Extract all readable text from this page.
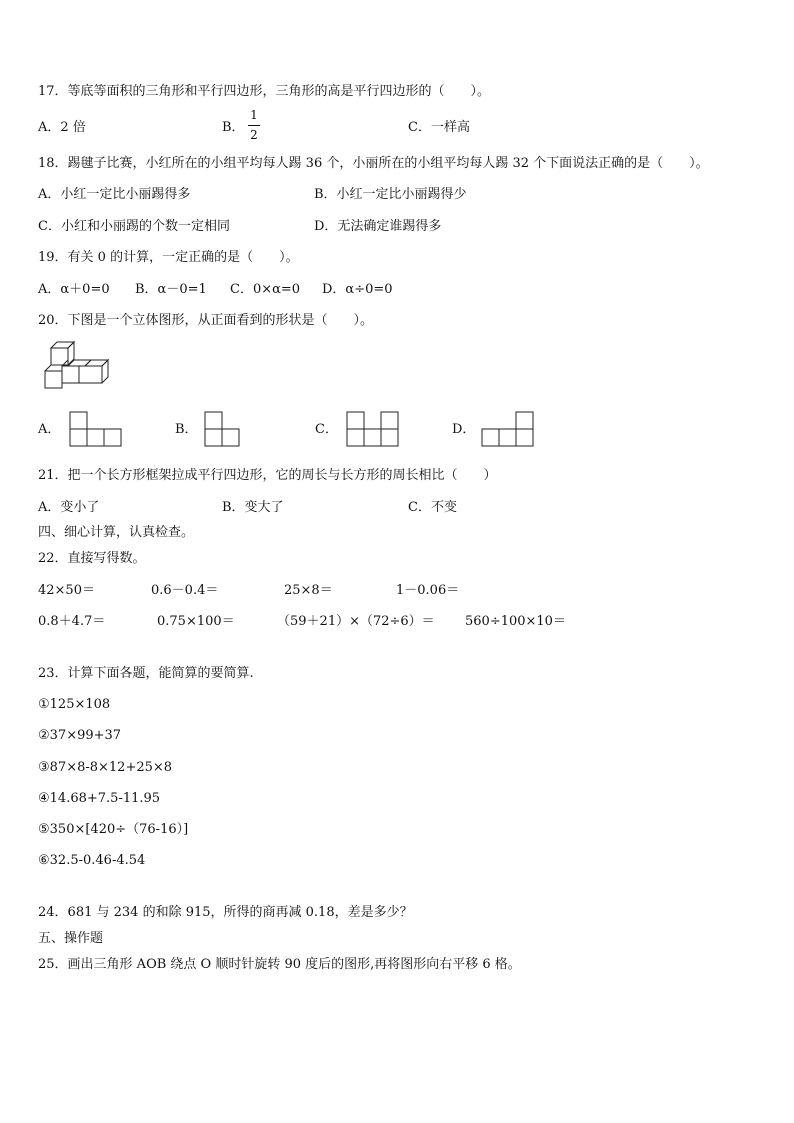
17．等底等面积的三角形和平行四边形，三角形的高是平行四边形的（　　）。
A．2 倍	B．
1
2	C．一样高
18．踢毽子比赛，小红所在的小组平均每人踢 36 个，小丽所在的小组平均每人踢 32 个下面说法正确的是（　　）。
A．小红一定比小丽踢得多	B．小红一定比小丽踢得少
C．小红和小丽踢的个数一定相同	D．无法确定谁踢得多
19．有关 0 的计算，一定正确的是（　　）。
A．α＋0=0 B．α－0=1 C．0×α=0 D．α÷0=0
20．下图是一个立体图形，从正面看到的形状是（　　）。
A．	B．	C．	D．
21．把一个长方形框架拉成平行四边形，它的周长与长方形的周长相比（　　）
A．变小了	B．变大了	C．不变
四、细心计算，认真检查。
22．直接写得数。
42×50＝	0.6－0.4＝	25×8＝	1－0.06＝
0.8＋4.7＝	0.75×100＝	（59＋21）×（72÷6）＝ 560÷100×10＝
23．计算下面各题，能简算的要简算.
①125×108
②37×99+37
③87×8-8×12+25×8
④14.68+7.5-11.95
⑤350×[420÷（76-16）]
⑥32.5-0.46-4.54
24．681 与 234 的和除 915，所得的商再减 0.18，差是多少？
五、操作题
25．画出三角形 AOB 绕点 O 顺时针旋转 90 度后的图形,再将图形向右平移 6 格。
